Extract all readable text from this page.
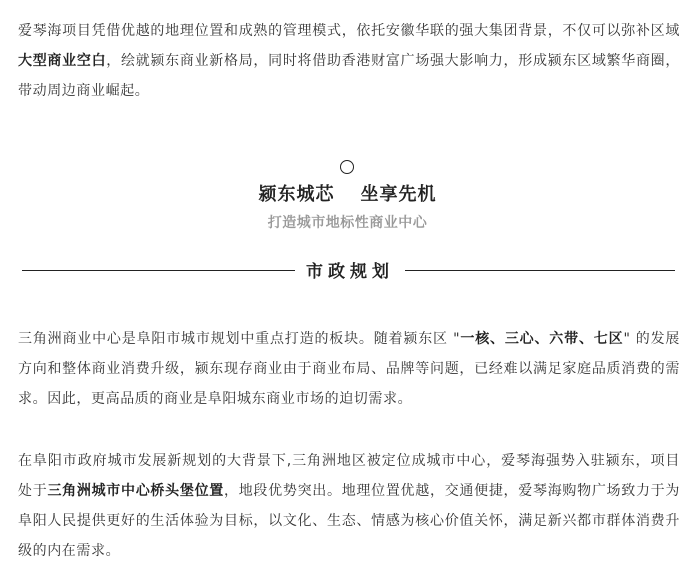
爱琴海项目凭借优越的地理位置和成熟的管理模式，依托安徽华联的强大集团背景，不仅可以弥补区域大型商业空白，绘就颍东商业新格局，同时将借助香港财富广场强大影响力，形成颍东区域繁华商圈，带动周边商业崛起。

颍东城芯 坐享先机
打造城市地标性商业中心
市政规划

三角洲商业中心是阜阳市城市规划中重点打造的板块。随着颍东区 "一核、三心、六带、七区" 的发展方向和整体商业消费升级，颍东现存商业由于商业布局、品牌等问题，已经难以满足家庭品质消费的需求。因此，更高品质的商业是阜阳城东商业市场的迫切需求。

在阜阳市政府城市发展新规划的大背景下,三角洲地区被定位成城市中心，爱琴海强势入驻颍东，项目处于三角洲城市中心桥头堡位置，地段优势突出。地理位置优越，交通便捷，爱琴海购物广场致力于为阜阳人民提供更好的生活体验为目标，以文化、生态、情感为核心价值关怀，满足新兴都市群体消费升级的内在需求。
